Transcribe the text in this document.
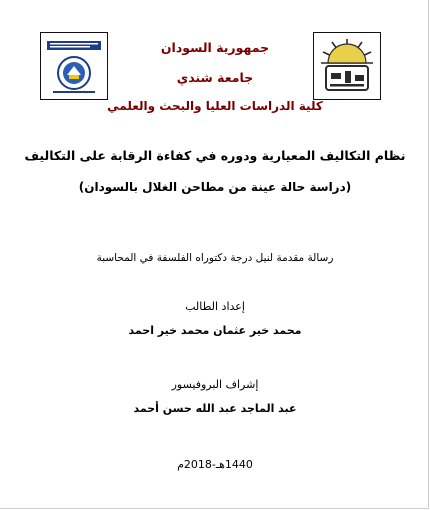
جمهورية السودان
جامعة شندي
كلية الدراسات العليا والبحث والعلمي
نظام التكاليف المعيارية ودوره في كفاءة الرقابة على التكاليف
(دراسة حالة عينة من مطاحن الغلال بالسودان)
رسالة مقدمة لنيل درجة دكتوراه الفلسفة في المحاسبة
إعداد الطالب
محمد خير عثمان محمد خير احمد
إشراف البروفيسور
عبد الماجد عبد الله حسن أحمد
1440هـ-2018م
